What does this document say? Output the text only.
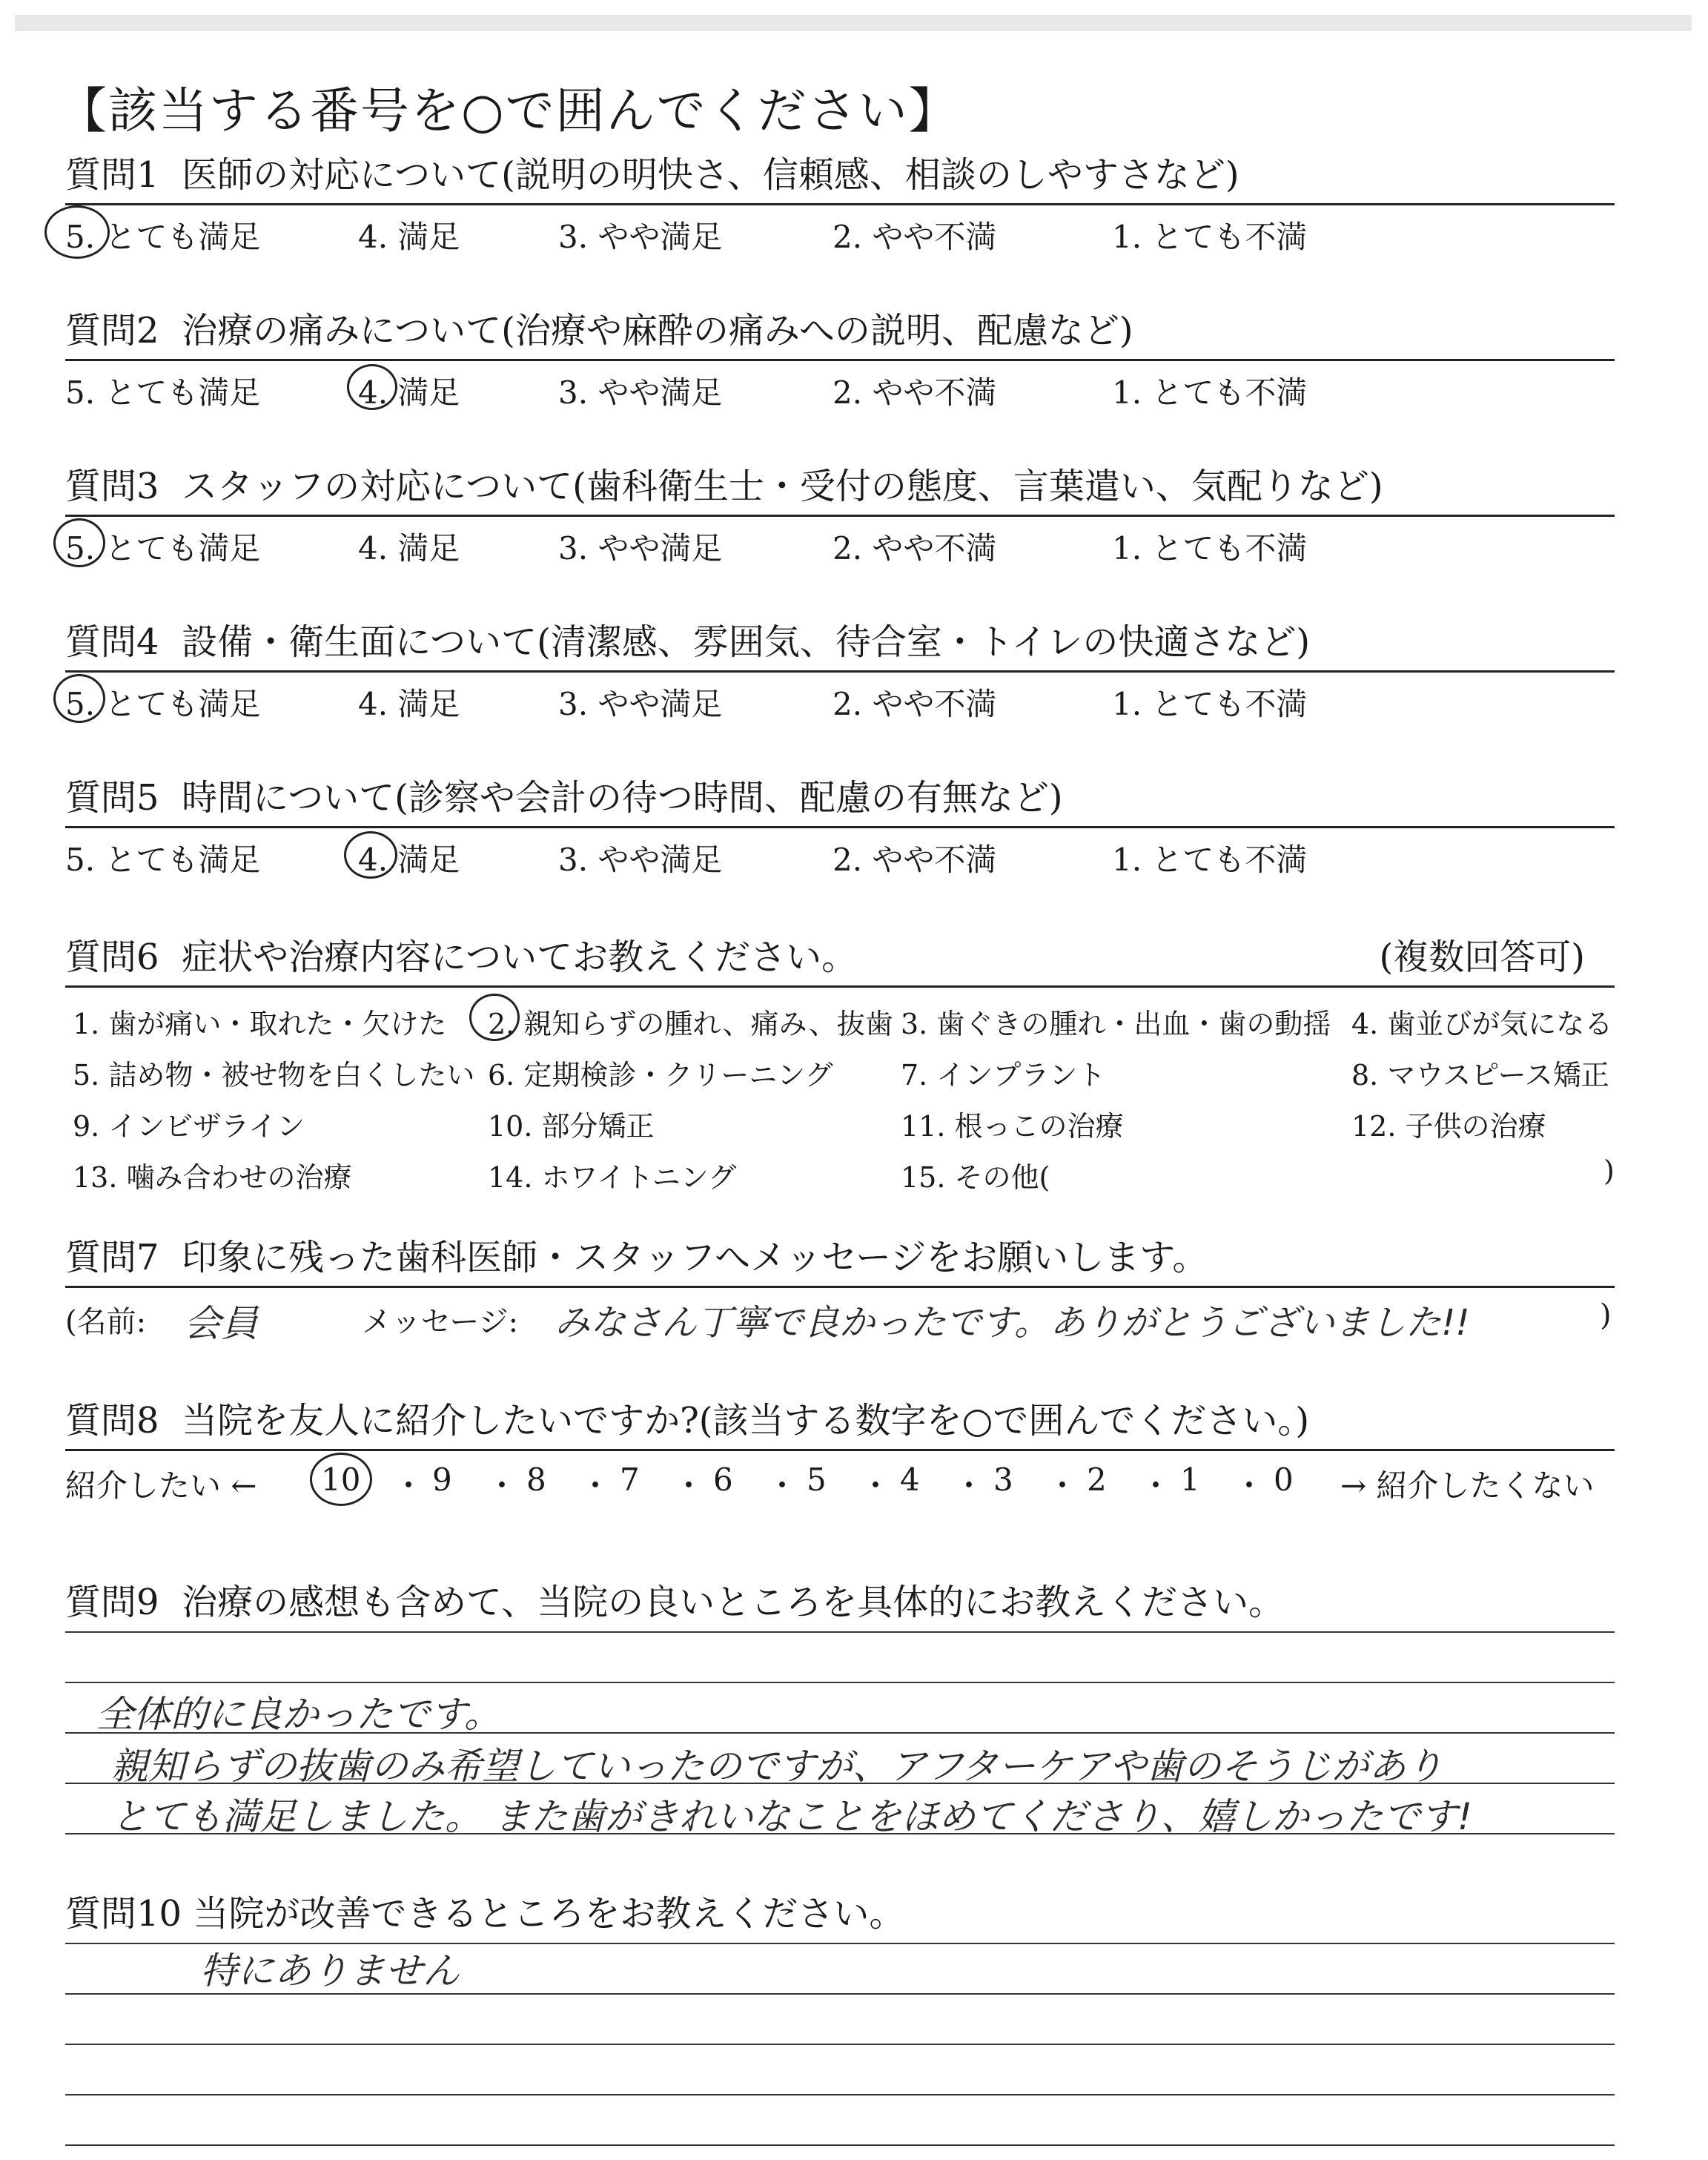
【該当する番号を○で囲んでください】
質問1 医師の対応について(説明の明快さ、信頼感、相談のしやすさなど)
5. とても満足	4. 満足	3. やや満足	2. やや不満	1. とても不満
質問2 治療の痛みについて(治療や麻酔の痛みへの説明、配慮など)
5. とても満足	4. 満足	3. やや満足	2. やや不満	1. とても不満
質問3 スタッフの対応について(歯科衛生士・受付の態度、言葉遣い、気配りなど)
5. とても満足	4. 満足	3. やや満足	2. やや不満	1. とても不満
質問4 設備・衛生面について(清潔感、雰囲気、待合室・トイレの快適さなど)
5. とても満足	4. 満足	3. やや満足	2. やや不満	1. とても不満
質問5 時間について(診察や会計の待つ時間、配慮の有無など)
5. とても満足	4. 満足	3. やや満足	2. やや不満	1. とても不満
質問6 症状や治療内容についてお教えください。	(複数回答可)
1. 歯が痛い・取れた・欠けた 2. 親知らずの腫れ、痛み、抜歯 3. 歯ぐきの腫れ・出血・歯の動揺 4. 歯並びが気になる
5. 詰め物・被せ物を白くしたい 6. 定期検診・クリーニング 7. インプラント	8. マウスピース矯正
9. インビザライン	10. 部分矯正	11. 根っこの治療	12. 子供の治療
13. 噛み合わせの治療	14. ホワイトニング	15. その他(	)
質問7 印象に残った歯科医師・スタッフへメッセージをお願いします。
(名前: 会員	メッセージ: みなさん丁寧で良かったです。ありがとうございました!!	)
質問8 当院を友人に紹介したいですか?(該当する数字を○で囲んでください。)
紹介したい ← 10 ・ 9 ・ 8 ・ 7 ・ 6 ・ 5 ・ 4 ・ 3 ・ 2 ・ 1 ・ 0 → 紹介したくない
質問9 治療の感想も含めて、当院の良いところを具体的にお教えください。
全体的に良かったです。
親知らずの抜歯のみ希望していったのですが、アフターケアや歯のそうじがあり
とても満足しました。 また歯がきれいなことをほめてくださり、嬉しかったです!
質問10 当院が改善できるところをお教えください。
特にありません
